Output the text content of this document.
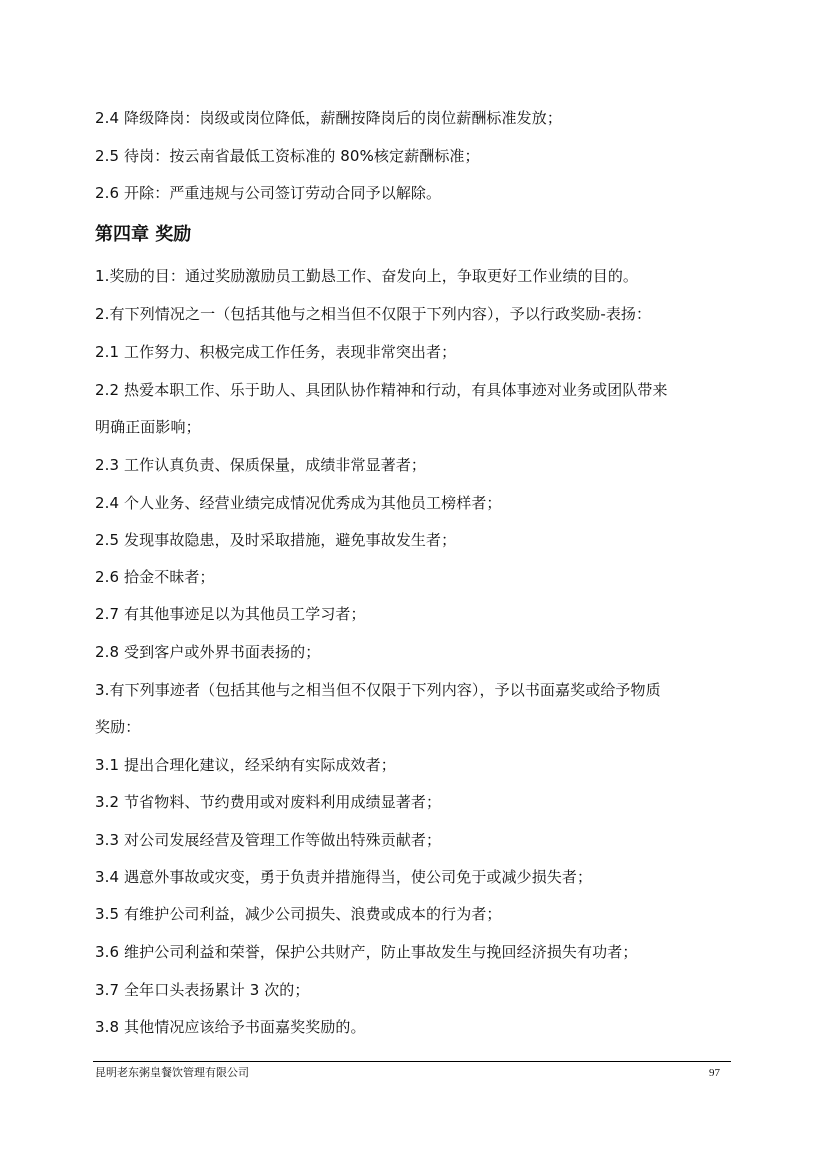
2.4 降级降岗：岗级或岗位降低，薪酬按降岗后的岗位薪酬标准发放；
2.5 待岗：按云南省最低工资标准的 80%核定薪酬标准；
2.6 开除：严重违规与公司签订劳动合同予以解除。
第四章 奖励
1.奖励的目：通过奖励激励员工勤恳工作、奋发向上，争取更好工作业绩的目的。
2.有下列情况之一（包括其他与之相当但不仅限于下列内容），予以行政奖励-表扬：
2.1 工作努力、积极完成工作任务，表现非常突出者；
2.2 热爱本职工作、乐于助人、具团队协作精神和行动，有具体事迹对业务或团队带来
明确正面影响；
2.3 工作认真负责、保质保量，成绩非常显著者；
2.4 个人业务、经营业绩完成情况优秀成为其他员工榜样者；
2.5 发现事故隐患，及时采取措施，避免事故发生者；
2.6 拾金不昧者；
2.7 有其他事迹足以为其他员工学习者；
2.8 受到客户或外界书面表扬的；
3.有下列事迹者（包括其他与之相当但不仅限于下列内容），予以书面嘉奖或给予物质
奖励：
3.1 提出合理化建议，经采纳有实际成效者；
3.2 节省物料、节约费用或对废料利用成绩显著者；
3.3 对公司发展经营及管理工作等做出特殊贡献者；
3.4 遇意外事故或灾变，勇于负责并措施得当，使公司免于或减少损失者；
3.5 有维护公司利益，减少公司损失、浪费或成本的行为者；
3.6 维护公司利益和荣誉，保护公共财产，防止事故发生与挽回经济损失有功者；
3.7 全年口头表扬累计 3 次的；
3.8 其他情况应该给予书面嘉奖奖励的。
昆明老东粥皇餐饮管理有限公司	97
